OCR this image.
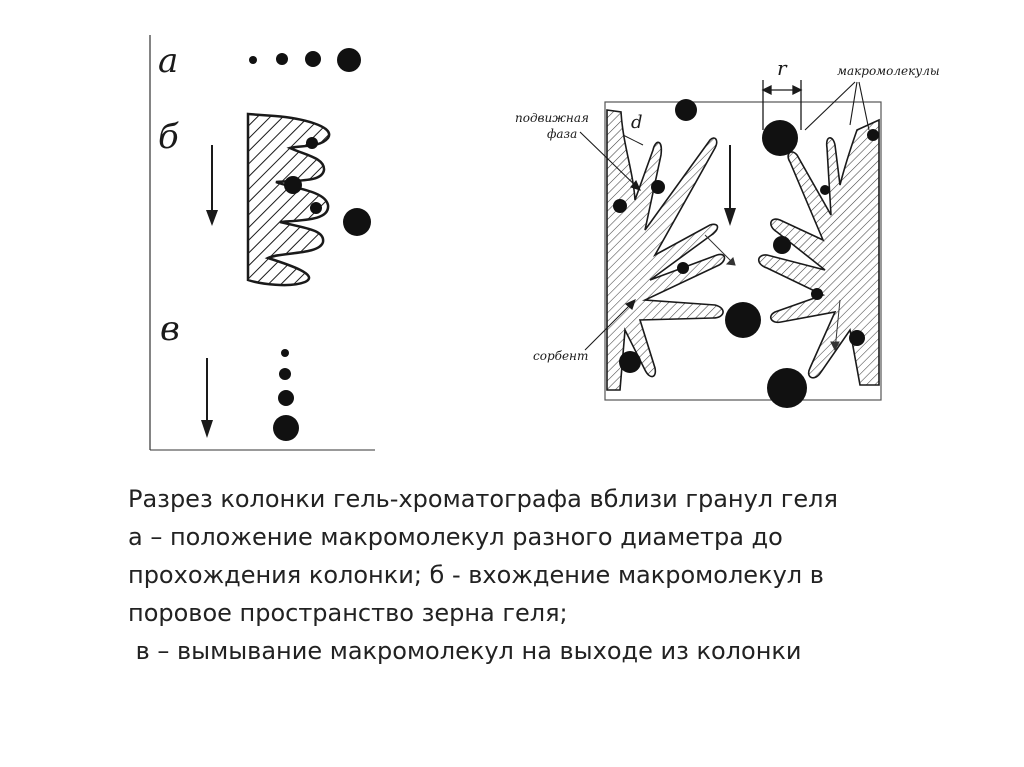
а
б
в
r	макромолекулы
d
подвижная
фаза
сорбент
Разрез колонки гель-хроматографа вблизи гранул геля
а – положение макромолекул разного диаметра до
прохождения колонки; б - вхождение макромолекул в
поровое пространство зерна геля;
в – вымывание макромолекул на выходе из колонки
